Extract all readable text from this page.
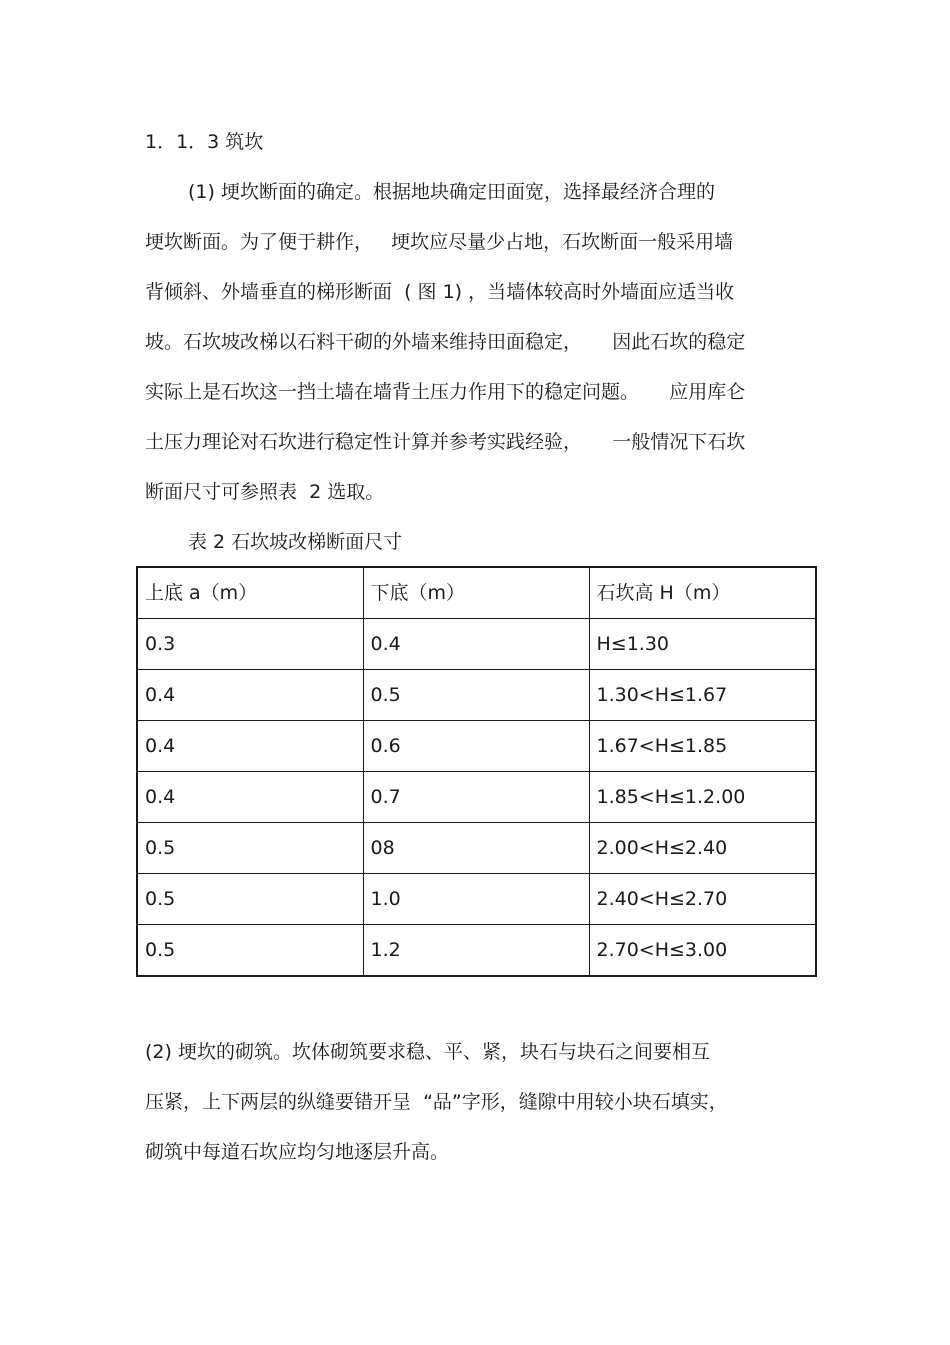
1．1．3 筑坎

(1) 埂坎断面的确定。根据地块确定田面宽，选择最经济合理的

埂坎断面。为了便于耕作，   埂坎应尽量少占地，石坎断面一般采用墙

背倾斜、外墙垂直的梯形断面  ( 图 1) ，当墙体较高时外墙面应适当收

坡。石坎坡改梯以石料干砌的外墙来维持田面稳定，     因此石坎的稳定

实际上是石坎这一挡土墙在墙背土压力作用下的稳定问题。     应用库仑

土压力理论对石坎进行稳定性计算并参考实践经验，     一般情况下石坎

断面尺寸可参照表  2 选取。

表 2 石坎坡改梯断面尺寸

上底 a（m）	下底（m）	石坎高 H（m）
0.3	0.4	H≤1.30
0.4	0.5	1.30<H≤1.67
0.4	0.6	1.67<H≤1.85
0.4	0.7	1.85<H≤1.2.00
0.5	08	2.00<H≤2.40
0.5	1.0	2.40<H≤2.70
0.5	1.2	2.70<H≤3.00

(2) 埂坎的砌筑。坎体砌筑要求稳、平、紧，块石与块石之间要相互

压紧，上下两层的纵缝要错开呈  “品”字形，缝隙中用较小块石填实，

砌筑中每道石坎应均匀地逐层升高。
